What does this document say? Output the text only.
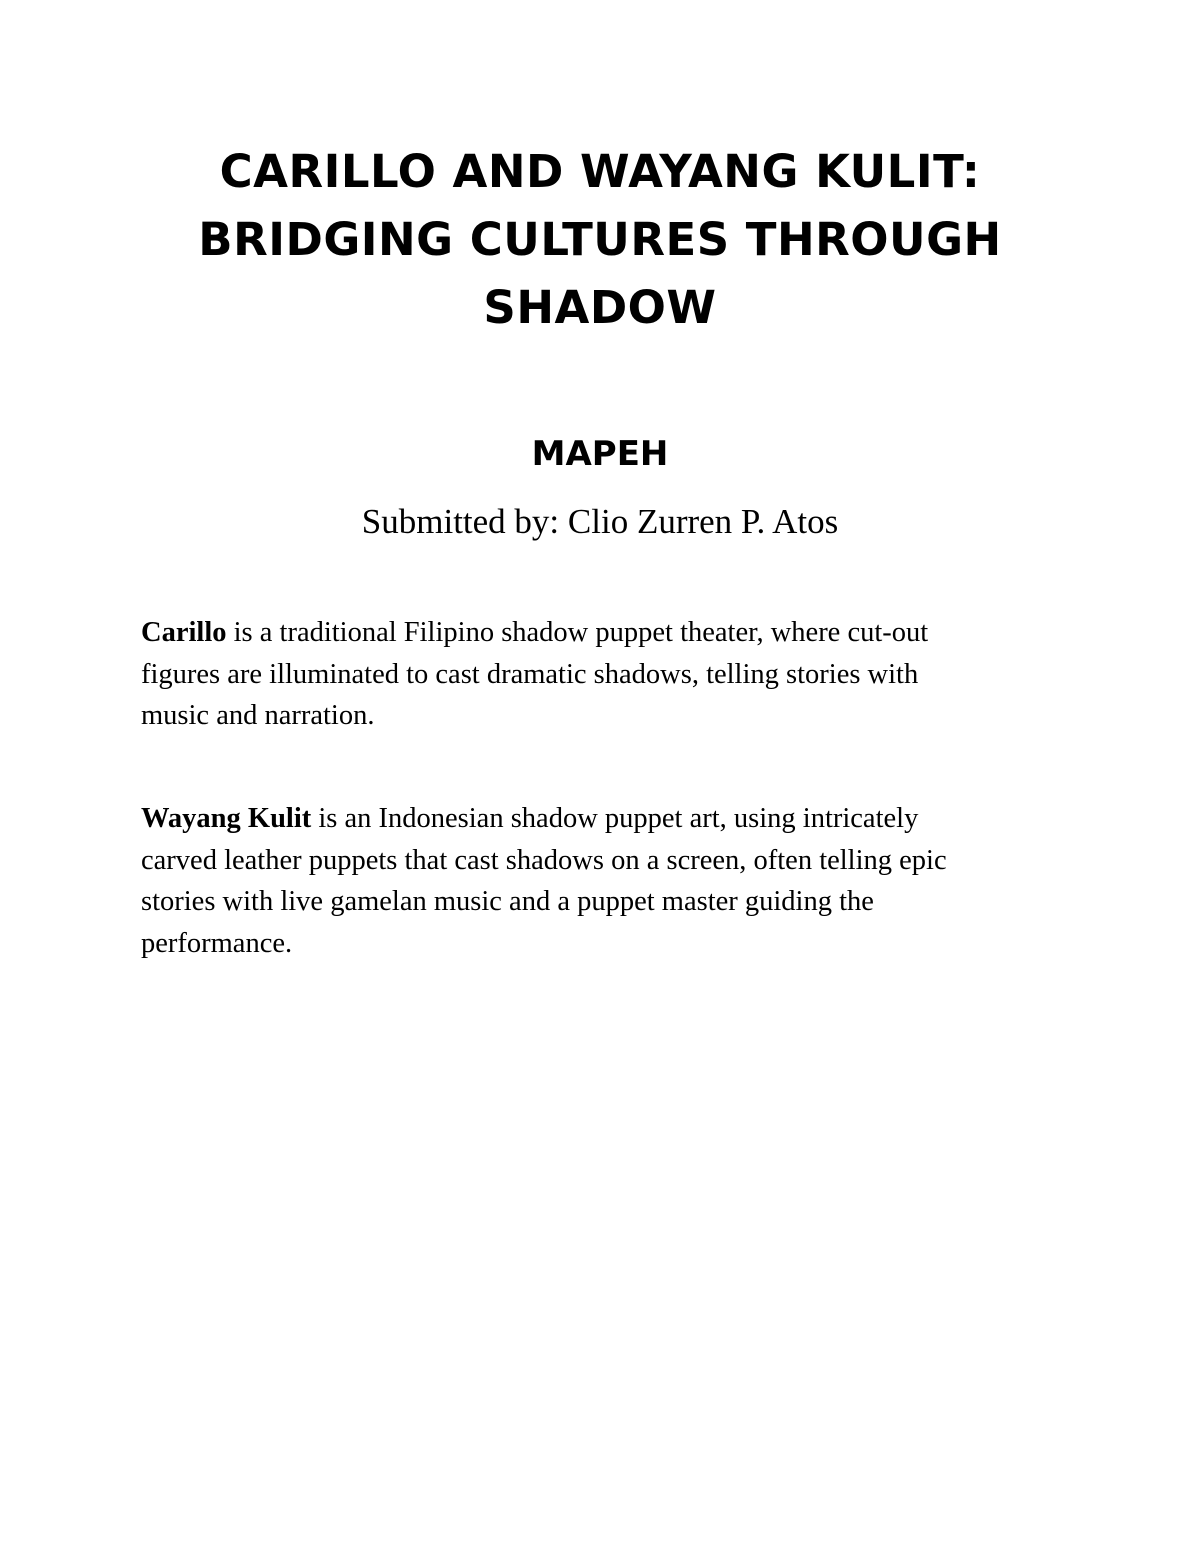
CARILLO AND WAYANG KULIT:
BRIDGING CULTURES THROUGH
SHADOW
MAPEH

Submitted by: Clio Zurren P. Atos

Carillo is a traditional Filipino shadow puppet theater, where cut-out
figures are illuminated to cast dramatic shadows, telling stories with
music and narration.

Wayang Kulit is an Indonesian shadow puppet art, using intricately
carved leather puppets that cast shadows on a screen, often telling epic
stories with live gamelan music and a puppet master guiding the
performance.
